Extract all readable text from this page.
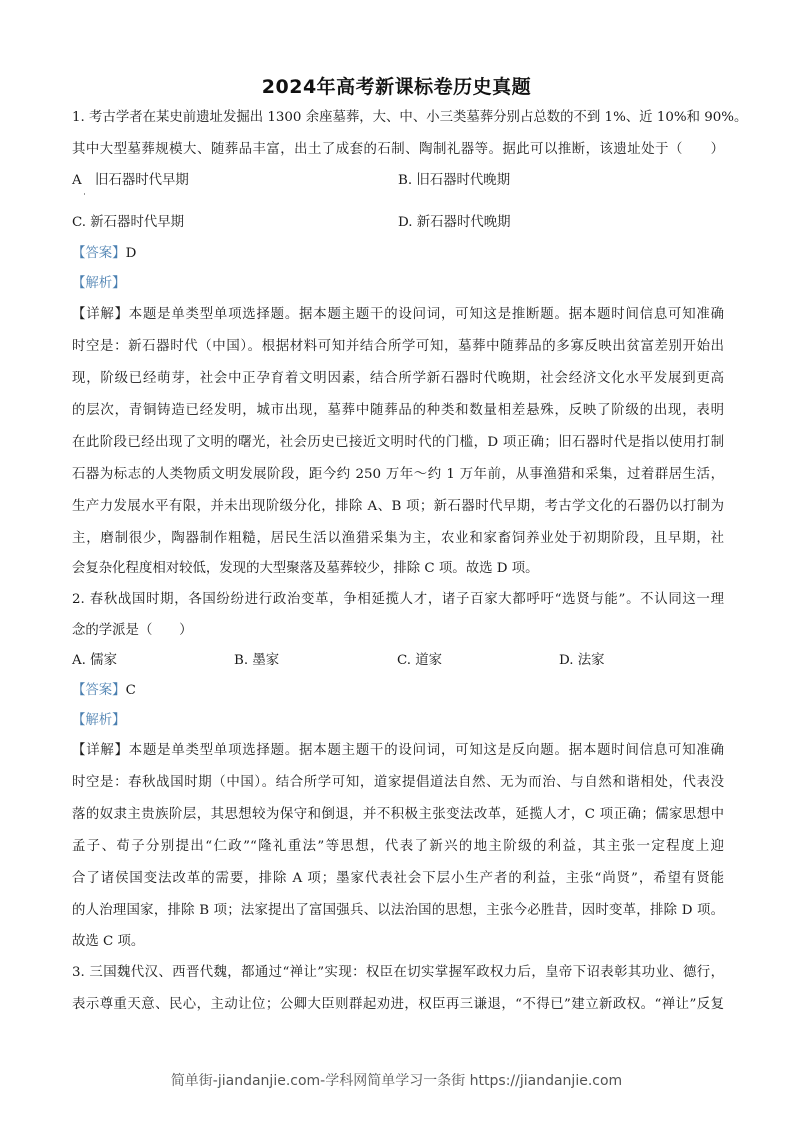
2024年高考新课标卷历史真题
1. 考古学者在某史前遗址发掘出 1300 余座墓葬，大、中、小三类墓葬分别占总数的不到 1%、近 10%和 90%。
其中大型墓葬规模大、随葬品丰富，出土了成套的石制、陶制礼器等。据此可以推断，该遗址处于（　　）
A　旧石器时代早期	B. 旧石器时代晚期
C. 新石器时代早期	D. 新石器时代晚期
【答案】D
【解析】
【详解】本题是单类型单项选择题。据本题主题干的设问词，可知这是推断题。据本题时间信息可知准确
时空是：新石器时代（中国）。根据材料可知并结合所学可知，墓葬中随葬品的多寡反映出贫富差别开始出
现，阶级已经萌芽，社会中正孕育着文明因素，结合所学新石器时代晚期，社会经济文化水平发展到更高
的层次，青铜铸造已经发明，城市出现，墓葬中随葬品的种类和数量相差悬殊，反映了阶级的出现，表明
在此阶段已经出现了文明的曙光，社会历史已接近文明时代的门槛，D 项正确；旧石器时代是指以使用打制
石器为标志的人类物质文明发展阶段，距今约 250 万年～约 1 万年前，从事渔猎和采集，过着群居生活，
生产力发展水平有限，并未出现阶级分化，排除 A、B 项；新石器时代早期，考古学文化的石器仍以打制为
主，磨制很少，陶器制作粗糙，居民生活以渔猎采集为主，农业和家畜饲养业处于初期阶段，且早期，社
会复杂化程度相对较低，发现的大型聚落及墓葬较少，排除 C 项。故选 D 项。
2. 春秋战国时期，各国纷纷进行政治变革，争相延揽人才，诸子百家大都呼吁“选贤与能”。不认同这一理
念的学派是（　　）
A. 儒家	B. 墨家	C. 道家	D. 法家
【答案】C
【解析】
【详解】本题是单类型单项选择题。据本题主题干的设问词，可知这是反向题。据本题时间信息可知准确
时空是：春秋战国时期（中国）。结合所学可知，道家提倡道法自然、无为而治、与自然和谐相处，代表没
落的奴隶主贵族阶层，其思想较为保守和倒退，并不积极主张变法改革，延揽人才，C 项正确；儒家思想中
孟子、荀子分别提出“仁政”“隆礼重法”等思想，代表了新兴的地主阶级的利益，其主张一定程度上迎
合了诸侯国变法改革的需要，排除 A 项；墨家代表社会下层小生产者的利益，主张“尚贤”，希望有贤能
的人治理国家，排除 B 项；法家提出了富国强兵、以法治国的思想，主张今必胜昔，因时变革，排除 D 项。
故选 C 项。
3. 三国魏代汉、西晋代魏，都通过“禅让”实现：权臣在切实掌握军政权力后，皇帝下诏表彰其功业、德行，
表示尊重天意、民心，主动让位；公卿大臣则群起劝进，权臣再三谦退，“不得已”建立新政权。“禅让”反复
简单街-jiandanjie.com-学科网简单学习一条街 https://jiandanjie.com
